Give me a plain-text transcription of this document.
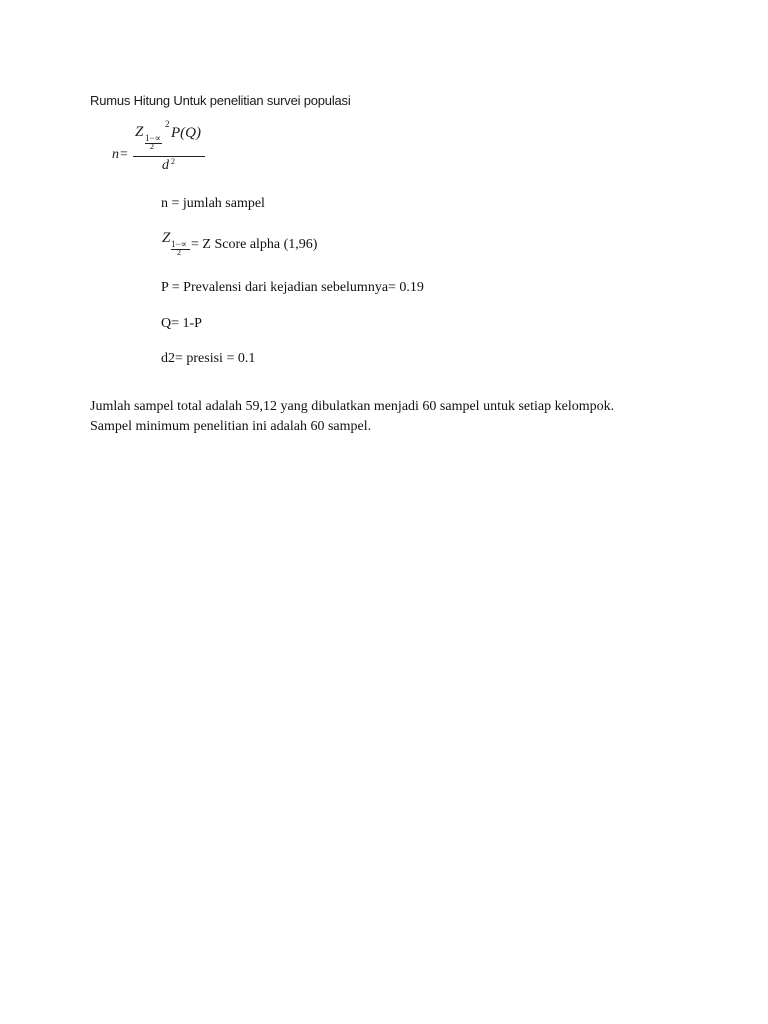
Rumus Hitung Untuk penelitian survei populasi
n=
Z 1−∝
2
2
P(Q)
d 2
n = jumlah sampel
Z 1−∝
2
= Z Score alpha (1,96)
P = Prevalensi dari kejadian sebelumnya= 0.19
Q= 1-P
d2= presisi = 0.1
Jumlah sampel total adalah 59,12 yang dibulatkan menjadi 60 sampel untuk setiap kelompok.
Sampel minimum penelitian ini adalah 60 sampel.
